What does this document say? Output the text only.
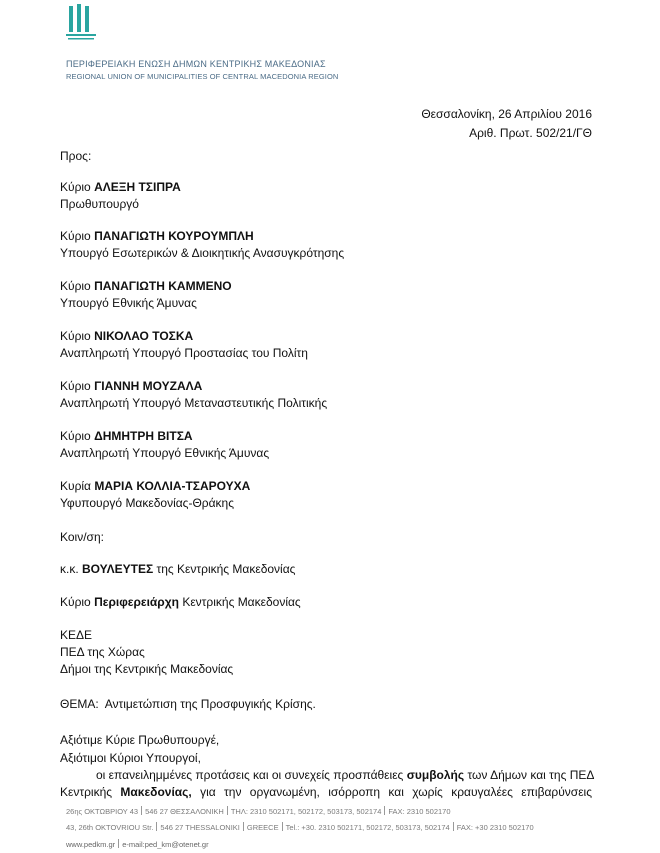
ΠΕΡΙΦΕΡΕΙΑΚΗ ΕΝΩΣΗ ΔΗΜΩΝ ΚΕΝΤΡΙΚΗΣ ΜΑΚΕΔΟΝΙΑΣ
REGIONAL UNION OF MUNICIPALITIES OF CENTRAL MACEDONIA REGION
Θεσσαλονίκη, 26 Απριλίου 2016
Αριθ. Πρωτ. 502/21/ΓΘ
Προς:
Κύριο ΑΛΕΞΗ ΤΣΙΠΡΑ
Πρωθυπουργό
Κύριο ΠΑΝΑΓΙΩΤΗ ΚΟΥΡΟΥΜΠΛΗ
Υπουργό Εσωτερικών & Διοικητικής Ανασυγκρότησης
Κύριο ΠΑΝΑΓΙΩΤΗ ΚΑΜΜΕΝΟ
Υπουργό Εθνικής Άμυνας
Κύριο ΝΙΚΟΛΑΟ ΤΟΣΚΑ
Αναπληρωτή Υπουργό Προστασίας του Πολίτη
Κύριο ΓΙΑΝΝΗ ΜΟΥΖΑΛΑ
Αναπληρωτή Υπουργό Μεταναστευτικής Πολιτικής
Κύριο ΔΗΜΗΤΡΗ ΒΙΤΣΑ
Αναπληρωτή Υπουργό Εθνικής Άμυνας
Κυρία ΜΑΡΙΑ ΚΟΛΛΙΑ-ΤΣΑΡΟΥΧΑ
Υφυπουργό Μακεδονίας-Θράκης
Κοιν/ση:
κ.κ. ΒΟΥΛΕΥΤΕΣ της Κεντρικής Μακεδονίας
Κύριο Περιφερειάρχη Κεντρικής Μακεδονίας
ΚΕΔΕ
ΠΕΔ της Χώρας
Δήμοι της Κεντρικής Μακεδονίας
ΘΕΜΑ: Αντιμετώπιση της Προσφυγικής Κρίσης.
Αξιότιμε Κύριε Πρωθυπουργέ,
Αξιότιμοι Κύριοι Υπουργοί,
οι επανειλημμένες προτάσεις και οι συνεχείς προσπάθειες συμβολής των Δήμων και της ΠΕΔ
Κεντρικής Μακεδονίας, για την οργανωμένη, ισόρροπη και χωρίς κραυγαλέες επιβαρύνσεις
26ης ΟΚΤΩΒΡΙΟΥ 43 546 27 ΘΕΣΣΑΛΟΝΙΚΗ ΤΗΛ: 2310 502171, 502172, 503173, 502174 FAX: 2310 502170
43, 26th OKTOVRIOU Str. 546 27 THESSALONIKI GREECE Tel.: +30. 2310 502171, 502172, 503173, 502174 FAX: +30 2310 502170
www.pedkm.gr e-mail:ped_km@otenet.gr
